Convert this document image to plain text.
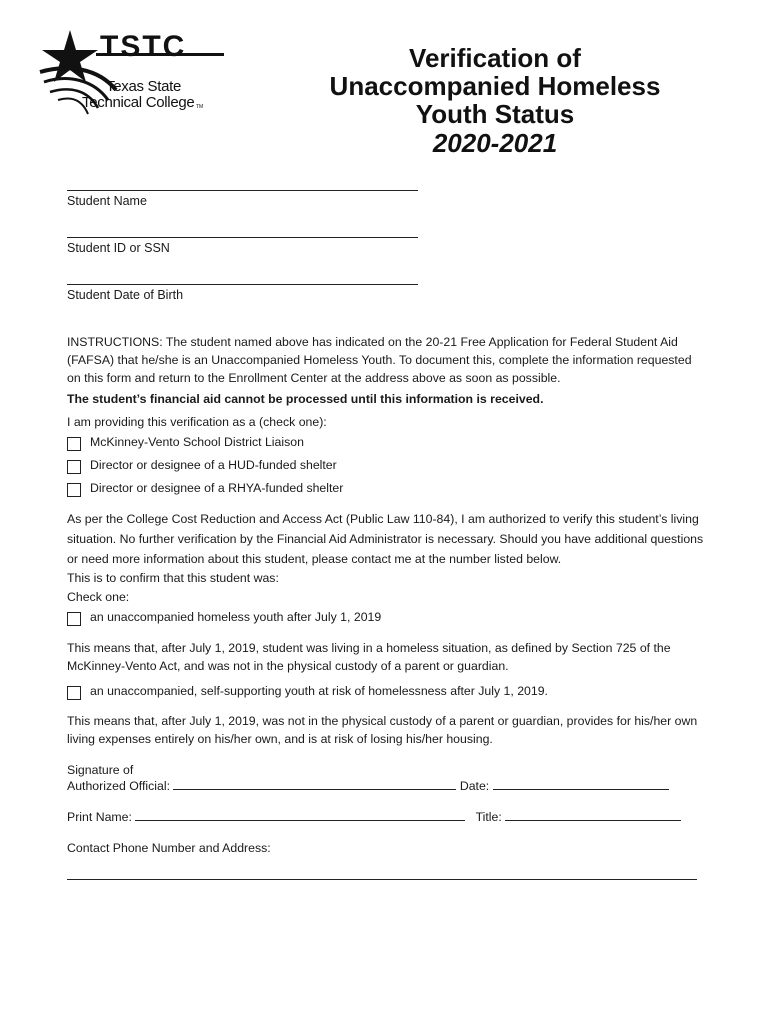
TSTC
Texas State
Technical College TM
Verification of
Unaccompanied Homeless
Youth Status
2020-2021
Student Name
Student ID or SSN
Student Date of Birth
INSTRUCTIONS: The student named above has indicated on the 20-21 Free Application for Federal Student Aid (FAFSA) that he/she is an Unaccompanied Homeless Youth. To document this, complete the information requested on this form and return to the Enrollment Center at the address above as soon as possible.
The student’s financial aid cannot be processed until this information is received.
I am providing this verification as a (check one):
McKinney-Vento School District Liaison
Director or designee of a HUD-funded shelter
Director or designee of a RHYA-funded shelter
As per the College Cost Reduction and Access Act (Public Law 110-84), I am authorized to verify this student’s living situation. No further verification by the Financial Aid Administrator is necessary. Should you have additional questions or need more information about this student, please contact me at the number listed below.
This is to confirm that this student was:
Check one:
an unaccompanied homeless youth after July 1, 2019
This means that, after July 1, 2019, student was living in a homeless situation, as defined by Section 725 of the McKinney-Vento Act, and was not in the physical custody of a parent or guardian.
an unaccompanied, self-supporting youth at risk of homelessness after July 1, 2019.
This means that, after July 1, 2019, was not in the physical custody of a parent or guardian, provides for his/her own living expenses entirely on his/her own, and is at risk of losing his/her housing.
Signature of
Authorized Official:	Date:
Print Name:	Title:
Contact Phone Number and Address:
